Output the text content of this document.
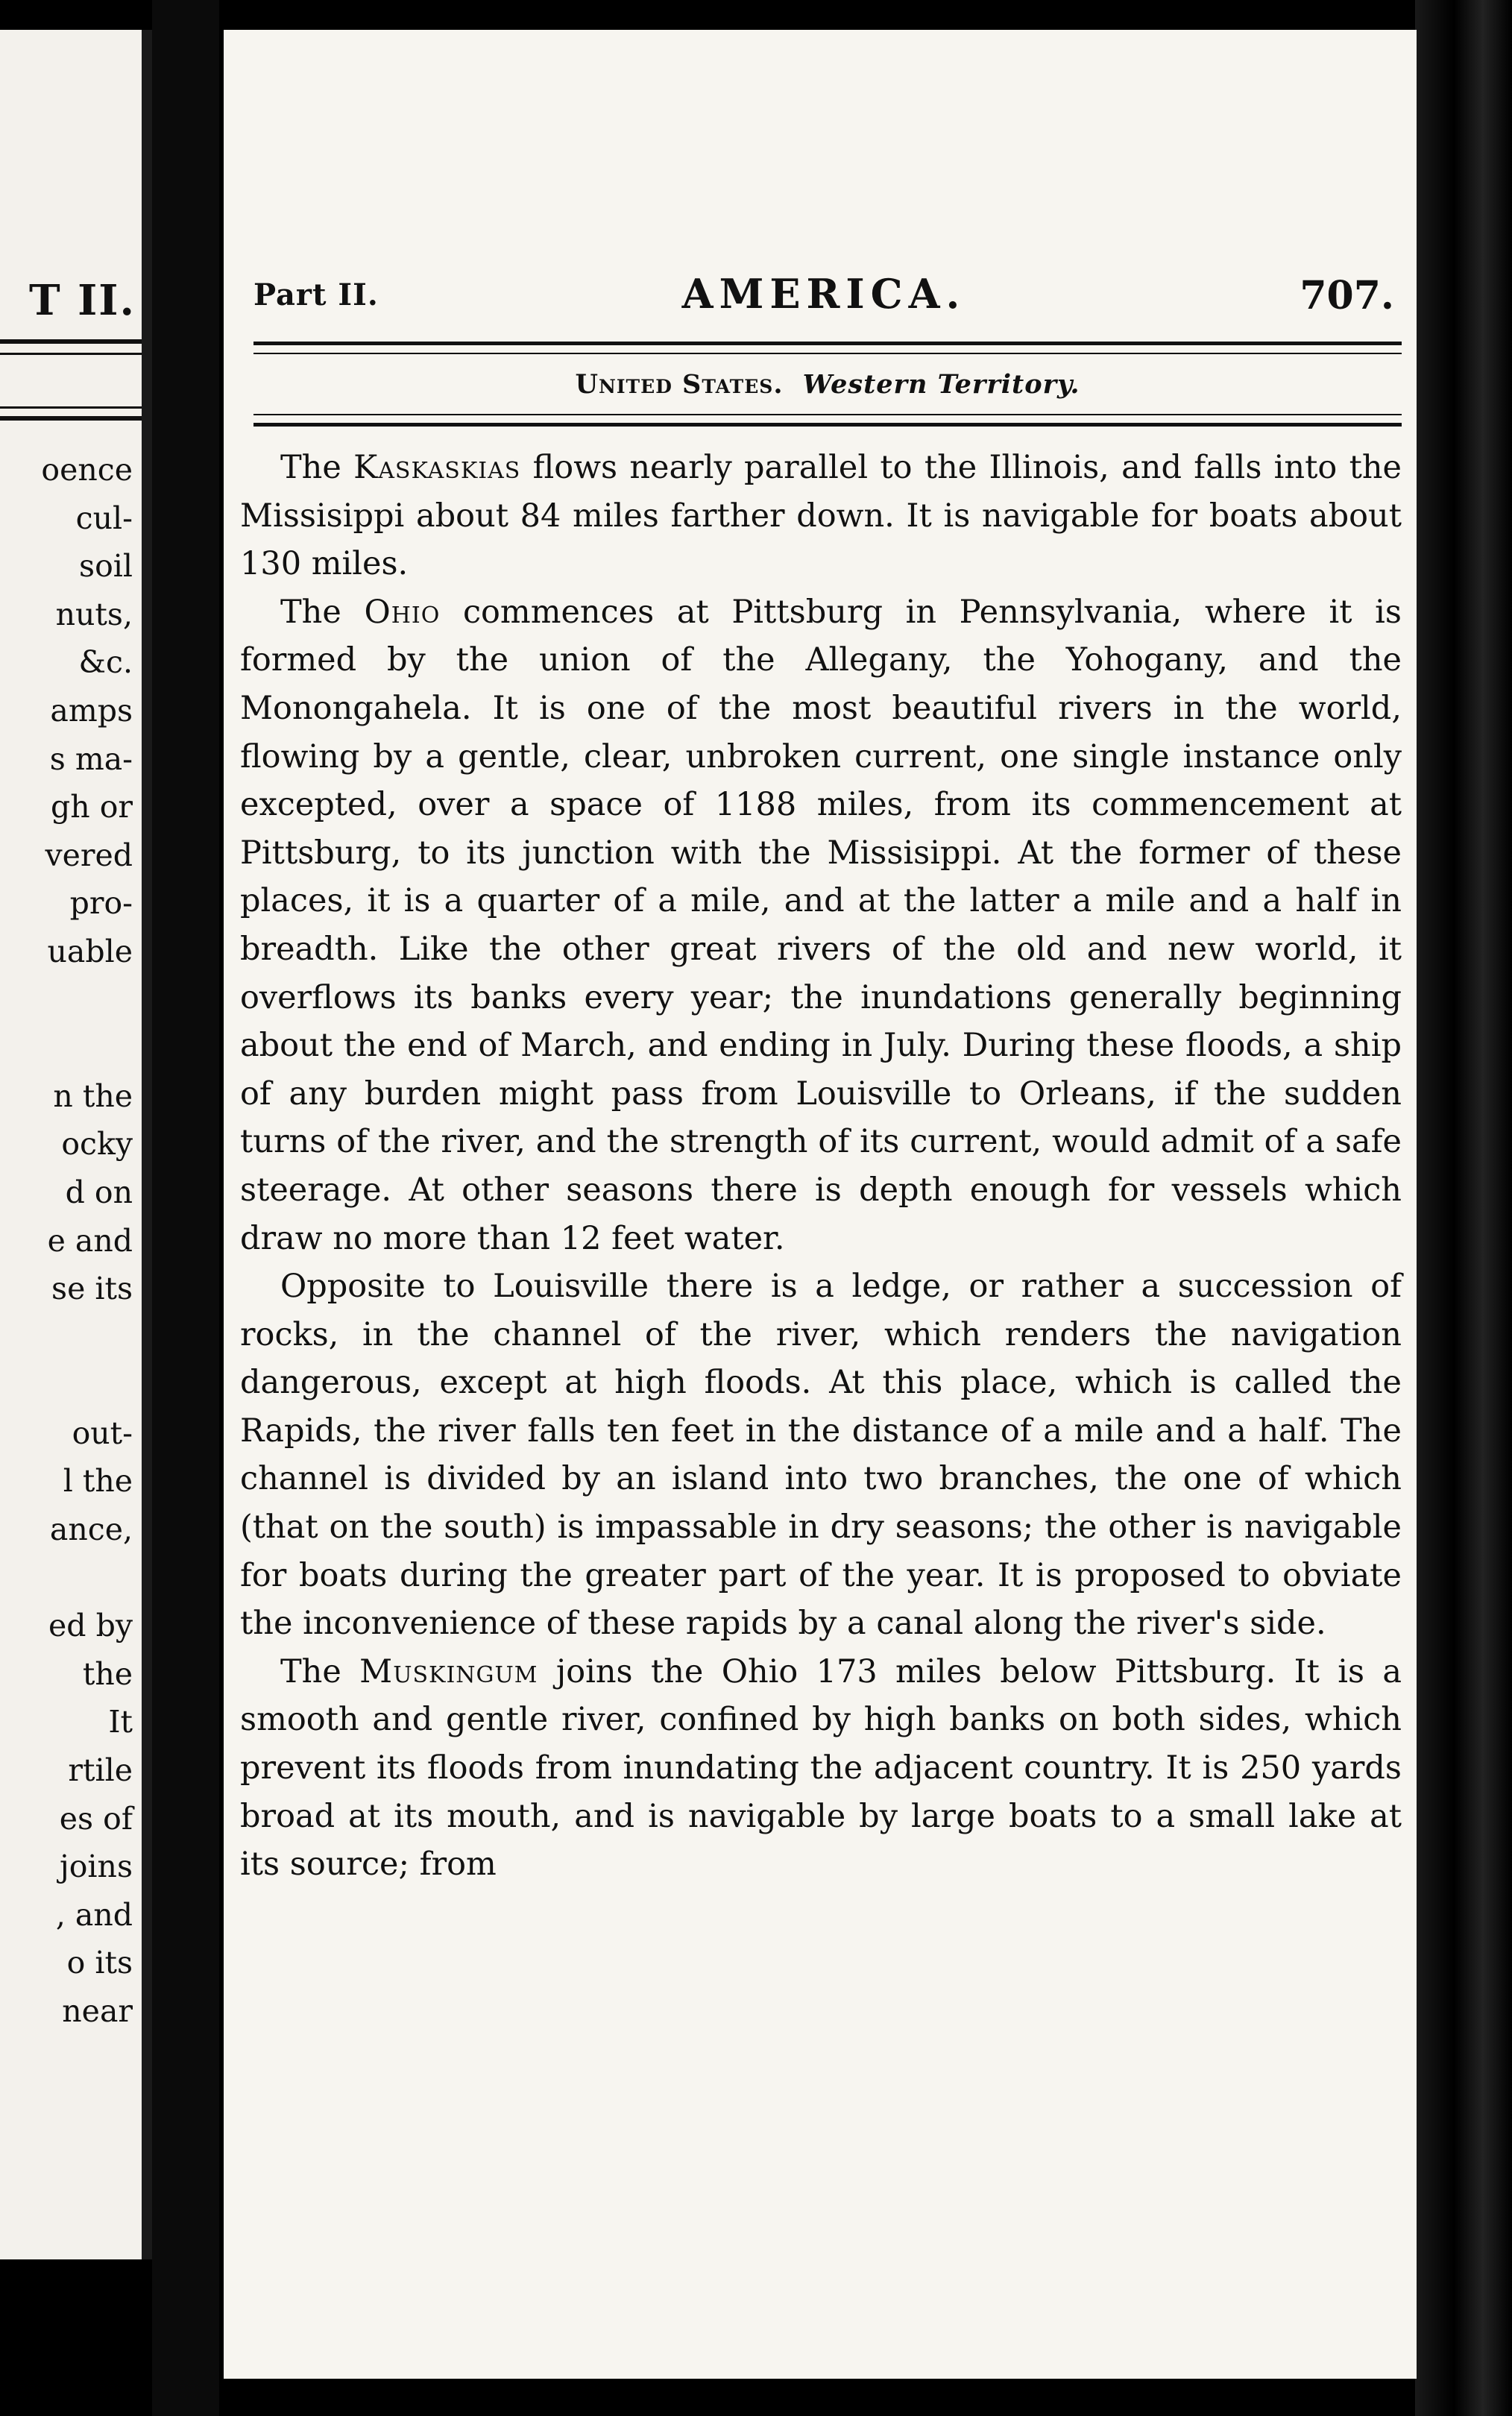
T II.
oence
cul-
soil
nuts,
&c.
amps
s ma-
gh or
vered
pro-
uable

n the
ocky
d on
e and
se its

out-
l the
ance,

ed by
the
It
rtile
es of
joins
, and
o its
near
Part II.	AMERICA.	707.
United States. Western Territory.

The Kaskaskias flows nearly parallel to the Illinois, and falls into the Missisippi about 84 miles farther down. It is navigable for boats about 130 miles.

The Ohio commences at Pittsburg in Pennsylvania, where it is formed by the union of the Allegany, the Yohogany, and the Monongahela. It is one of the most beautiful rivers in the world, flowing by a gentle, clear, unbroken current, one single instance only excepted, over a space of 1188 miles, from its commencement at Pittsburg, to its junction with the Missisippi. At the former of these places, it is a quarter of a mile, and at the latter a mile and a half in breadth. Like the other great rivers of the old and new world, it overflows its banks every year; the inundations generally beginning about the end of March, and ending in July. During these floods, a ship of any burden might pass from Louisville to Orleans, if the sudden turns of the river, and the strength of its current, would admit of a safe steerage. At other seasons there is depth enough for vessels which draw no more than 12 feet water.

Opposite to Louisville there is a ledge, or rather a succession of rocks, in the channel of the river, which renders the navigation dangerous, except at high floods. At this place, which is called the Rapids, the river falls ten feet in the distance of a mile and a half. The channel is divided by an island into two branches, the one of which (that on the south) is impassable in dry seasons; the other is navigable for boats during the greater part of the year. It is proposed to obviate the inconvenience of these rapids by a canal along the river's side.

The Muskingum joins the Ohio 173 miles below Pittsburg. It is a smooth and gentle river, confined by high banks on both sides, which prevent its floods from inundating the adjacent country. It is 250 yards broad at its mouth, and is navigable by large boats to a small lake at its source; from
